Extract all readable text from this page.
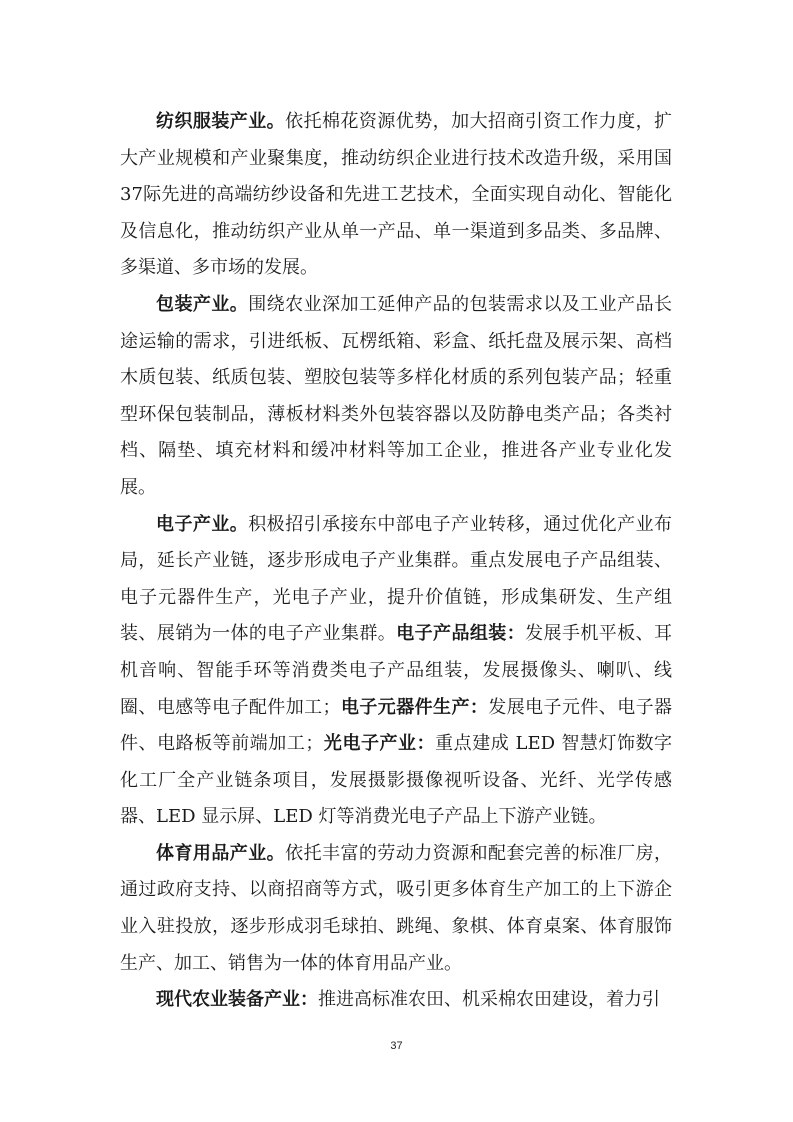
纺织服装产业。依托棉花资源优势，加大招商引资工作力度，扩大产业规模和产业聚集度，推动纺织企业进行技术改造升级，采用国37际先进的高端纺纱设备和先进工艺技术，全面实现自动化、智能化及信息化，推动纺织产业从单一产品、单一渠道到多品类、多品牌、多渠道、多市场的发展。

包装产业。围绕农业深加工延伸产品的包装需求以及工业产品长途运输的需求，引进纸板、瓦楞纸箱、彩盒、纸托盘及展示架、高档木质包装、纸质包装、塑胶包装等多样化材质的系列包装产品；轻重型环保包装制品，薄板材料类外包装容器以及防静电类产品；各类衬档、隔垫、填充材料和缓冲材料等加工企业，推进各产业专业化发展。

电子产业。积极招引承接东中部电子产业转移，通过优化产业布局，延长产业链，逐步形成电子产业集群。重点发展电子产品组装、电子元器件生产，光电子产业，提升价值链，形成集研发、生产组装、展销为一体的电子产业集群。电子产品组装：发展手机平板、耳机音响、智能手环等消费类电子产品组装，发展摄像头、喇叭、线圈、电感等电子配件加工；电子元器件生产：发展电子元件、电子器件、电路板等前端加工；光电子产业：重点建成 LED 智慧灯饰数字化工厂全产业链条项目，发展摄影摄像视听设备、光纤、光学传感器、LED 显示屏、LED 灯等消费光电子产品上下游产业链。

体育用品产业。依托丰富的劳动力资源和配套完善的标准厂房，通过政府支持、以商招商等方式，吸引更多体育生产加工的上下游企业入驻投放，逐步形成羽毛球拍、跳绳、象棋、体育桌案、体育服饰生产、加工、销售为一体的体育用品产业。

现代农业装备产业：推进高标准农田、机采棉农田建设，着力引

37
